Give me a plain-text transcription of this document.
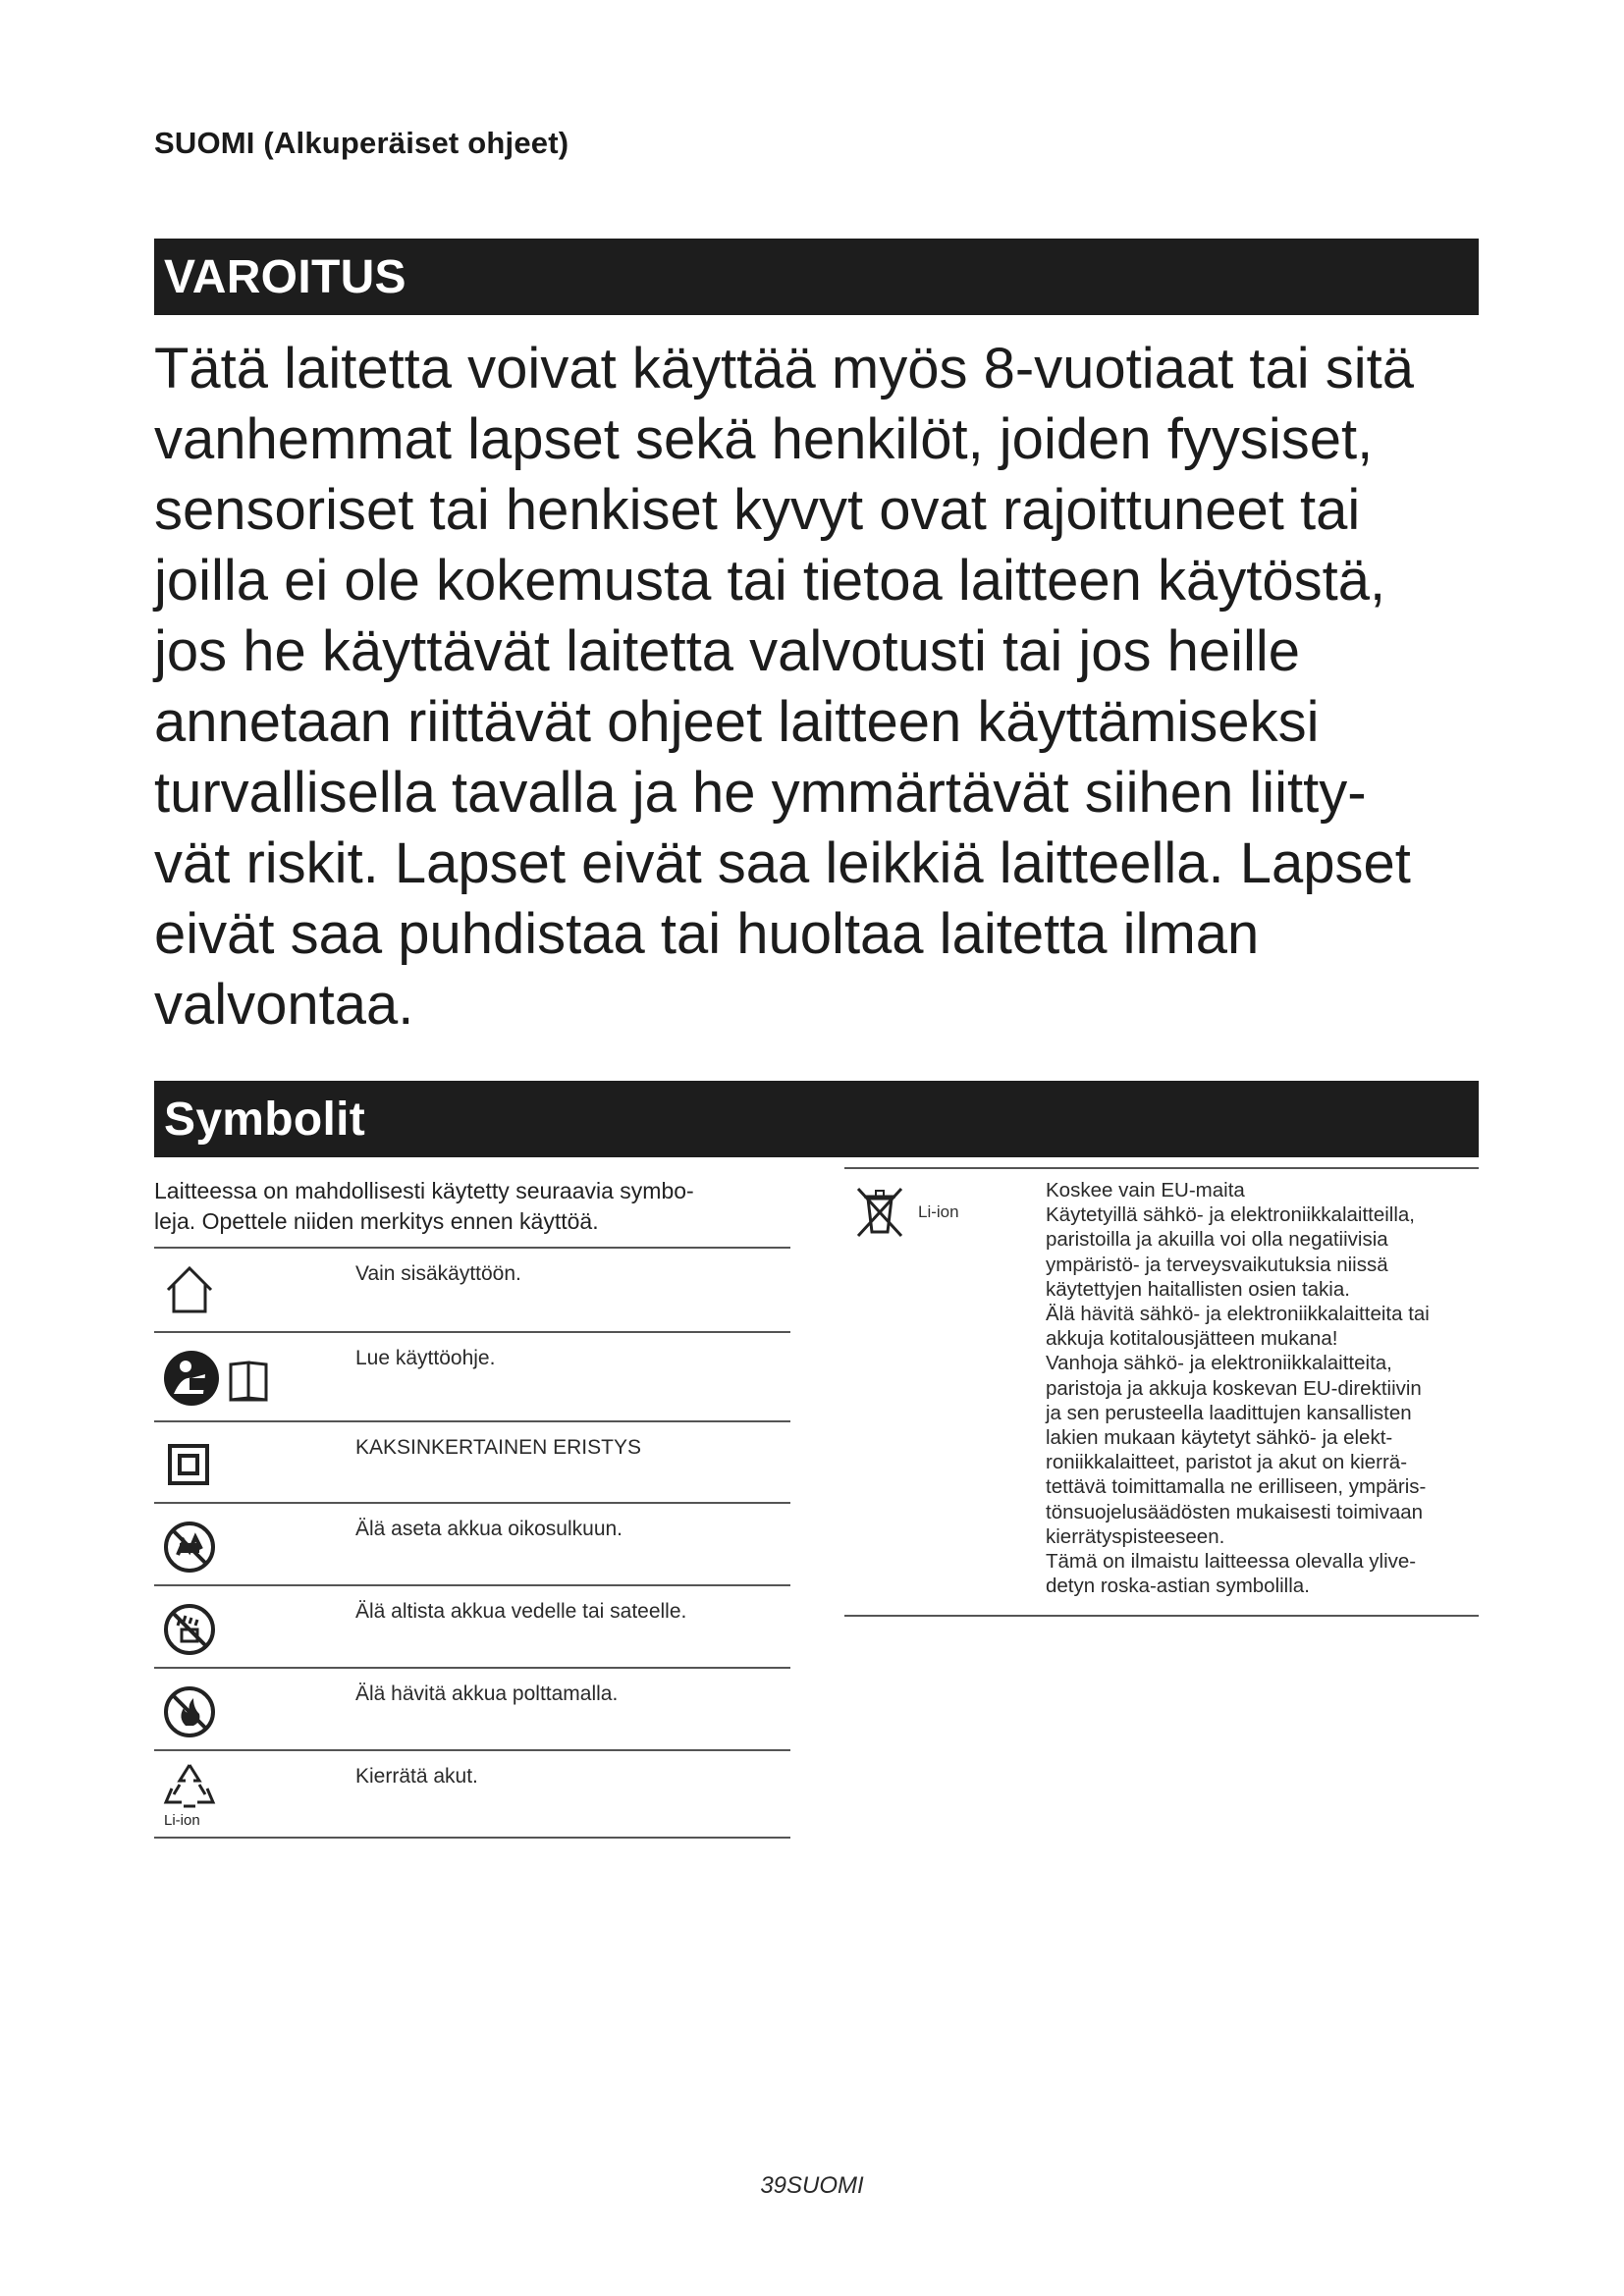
SUOMI (Alkuperäiset ohjeet)
VAROITUS
Tätä laitetta voivat käyttää myös 8-vuotiaat tai sitä
vanhemmat lapset sekä henkilöt, joiden fyysiset,
sensoriset tai henkiset kyvyt ovat rajoittuneet tai
joilla ei ole kokemusta tai tietoa laitteen käytöstä,
jos he käyttävät laitetta valvotusti tai jos heille
annetaan riittävät ohjeet laitteen käyttämiseksi
turvallisella tavalla ja he ymmärtävät siihen liitty-
vät riskit. Lapset eivät saa leikkiä laitteella. Lapset
eivät saa puhdistaa tai huoltaa laitetta ilman
valvontaa.
Symbolit
Laitteessa on mahdollisesti käytetty seuraavia symbo-
leja. Opettele niiden merkitys ennen käyttöä.
Vain sisäkäyttöön.
Lue käyttöohje.
KAKSINKERTAINEN ERISTYS
Älä aseta akkua oikosulkuun.
Älä altista akkua vedelle tai sateelle.
Älä hävitä akkua polttamalla.
Li-ion
Kierrätä akut.
Li-ion
Koskee vain EU-maita
Käytetyillä sähkö- ja elektroniikkalaitteilla,
paristoilla ja akuilla voi olla negatiivisia
ympäristö- ja terveysvaikutuksia niissä
käytettyjen haitallisten osien takia.
Älä hävitä sähkö- ja elektroniikkalaitteita tai
akkuja kotitalousjätteen mukana!
Vanhoja sähkö- ja elektroniikkalaitteita,
paristoja ja akkuja koskevan EU-direktiivin
ja sen perusteella laadittujen kansallisten
lakien mukaan käytetyt sähkö- ja elekt-
roniikkalaitteet, paristot ja akut on kierrä-
tettävä toimittamalla ne erilliseen, ympäris-
tönsuojelusäädösten mukaisesti toimivaan
kierrätyspisteeseen.
Tämä on ilmaistu laitteessa olevalla ylive-
detyn roska-astian symbolilla.
39SUOMI
